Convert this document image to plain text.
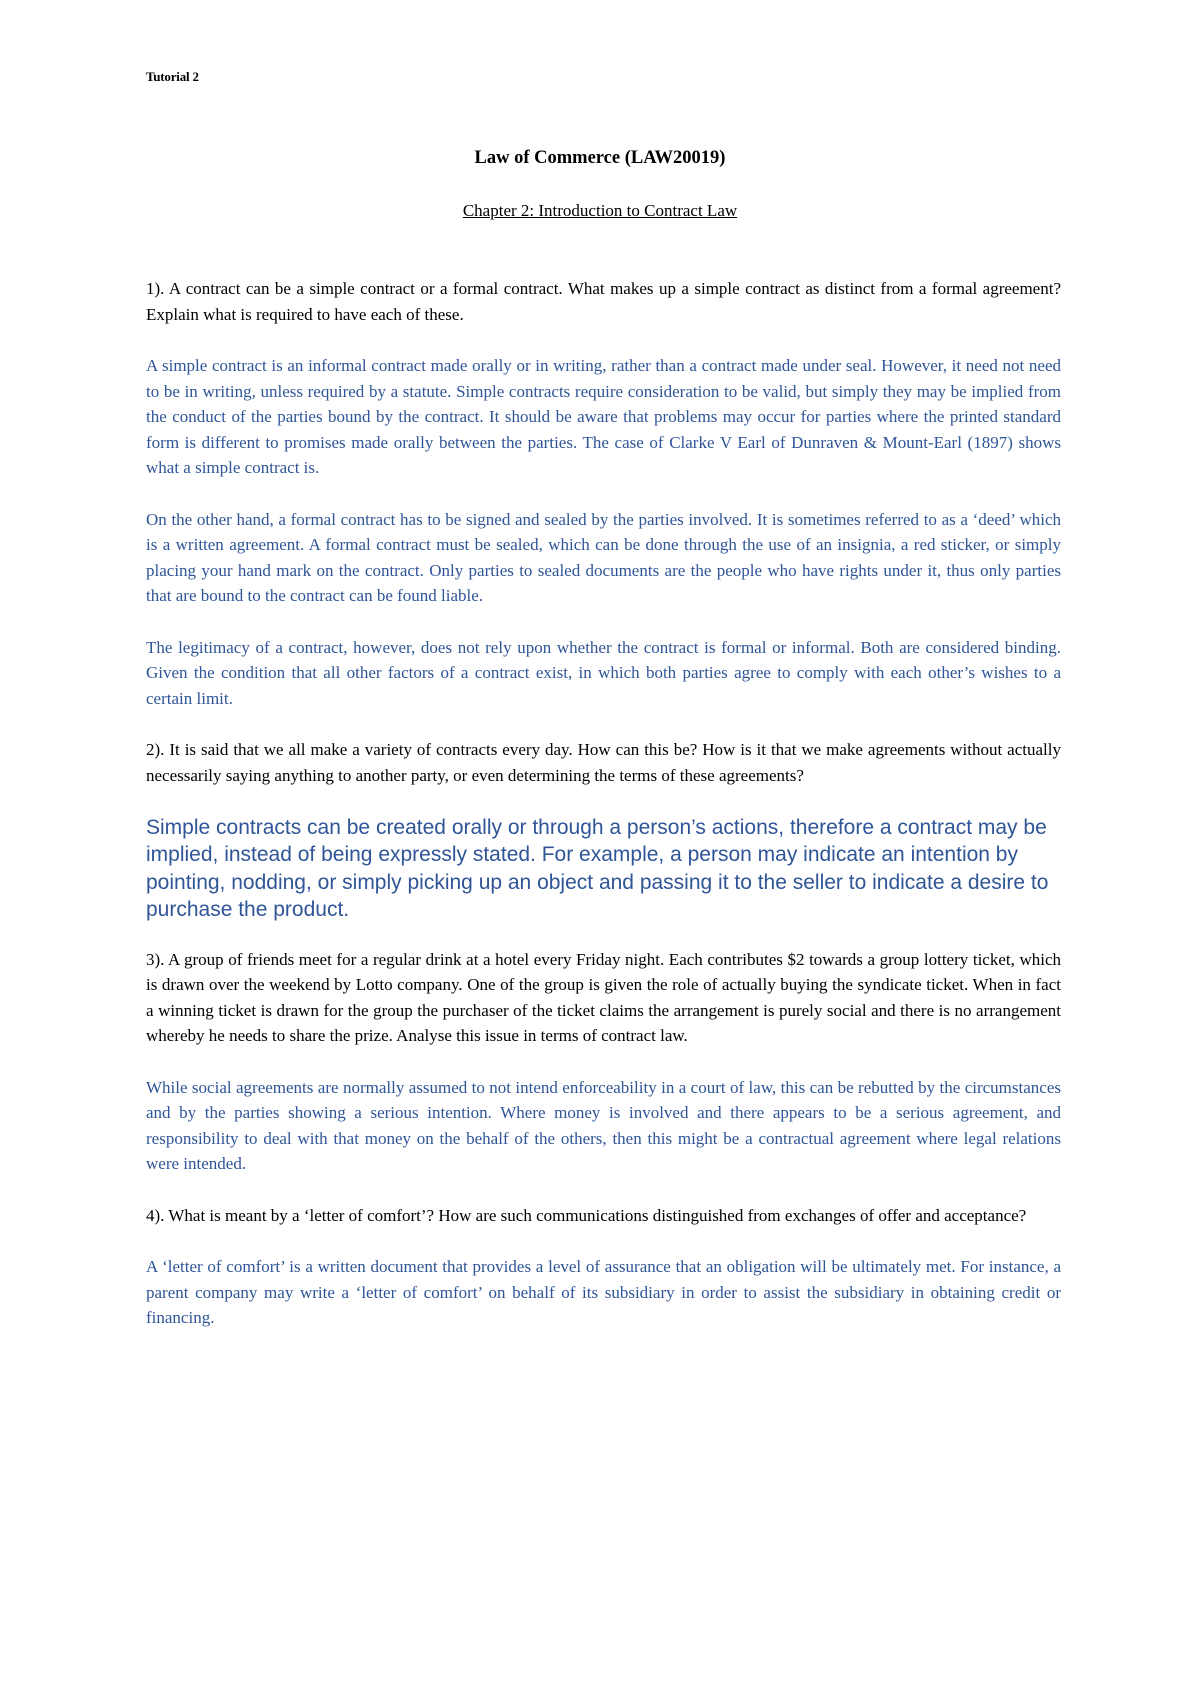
Tutorial 2
Law of Commerce (LAW20019)
Chapter 2: Introduction to Contract Law

1). A contract can be a simple contract or a formal contract. What makes up a simple contract as distinct from a formal agreement? Explain what is required to have each of these.

A simple contract is an informal contract made orally or in writing, rather than a contract made under seal. However, it need not need to be in writing, unless required by a statute. Simple contracts require consideration to be valid, but simply they may be implied from the conduct of the parties bound by the contract. It should be aware that problems may occur for parties where the printed standard form is different to promises made orally between the parties. The case of Clarke V Earl of Dunraven & Mount-Earl (1897) shows what a simple contract is.

On the other hand, a formal contract has to be signed and sealed by the parties involved. It is sometimes referred to as a ‘deed’ which is a written agreement. A formal contract must be sealed, which can be done through the use of an insignia, a red sticker, or simply placing your hand mark on the contract. Only parties to sealed documents are the people who have rights under it, thus only parties that are bound to the contract can be found liable.

The legitimacy of a contract, however, does not rely upon whether the contract is formal or informal. Both are considered binding. Given the condition that all other factors of a contract exist, in which both parties agree to comply with each other’s wishes to a certain limit.

2). It is said that we all make a variety of contracts every day. How can this be? How is it that we make agreements without actually necessarily saying anything to another party, or even determining the terms of these agreements?

Simple contracts can be created orally or through a person’s actions, therefore a contract may be implied, instead of being expressly stated. For example, a person may indicate an intention by pointing, nodding, or simply picking up an object and passing it to the seller to indicate a desire to purchase the product.

3). A group of friends meet for a regular drink at a hotel every Friday night. Each contributes $2 towards a group lottery ticket, which is drawn over the weekend by Lotto company. One of the group is given the role of actually buying the syndicate ticket. When in fact a winning ticket is drawn for the group the purchaser of the ticket claims the arrangement is purely social and there is no arrangement whereby he needs to share the prize. Analyse this issue in terms of contract law.

While social agreements are normally assumed to not intend enforceability in a court of law, this can be rebutted by the circumstances and by the parties showing a serious intention. Where money is involved and there appears to be a serious agreement, and responsibility to deal with that money on the behalf of the others, then this might be a contractual agreement where legal relations were intended.

4). What is meant by a ‘letter of comfort’? How are such communications distinguished from exchanges of offer and acceptance?

A ‘letter of comfort’ is a written document that provides a level of assurance that an obligation will be ultimately met. For instance, a parent company may write a ‘letter of comfort’ on behalf of its subsidiary in order to assist the subsidiary in obtaining credit or financing.
